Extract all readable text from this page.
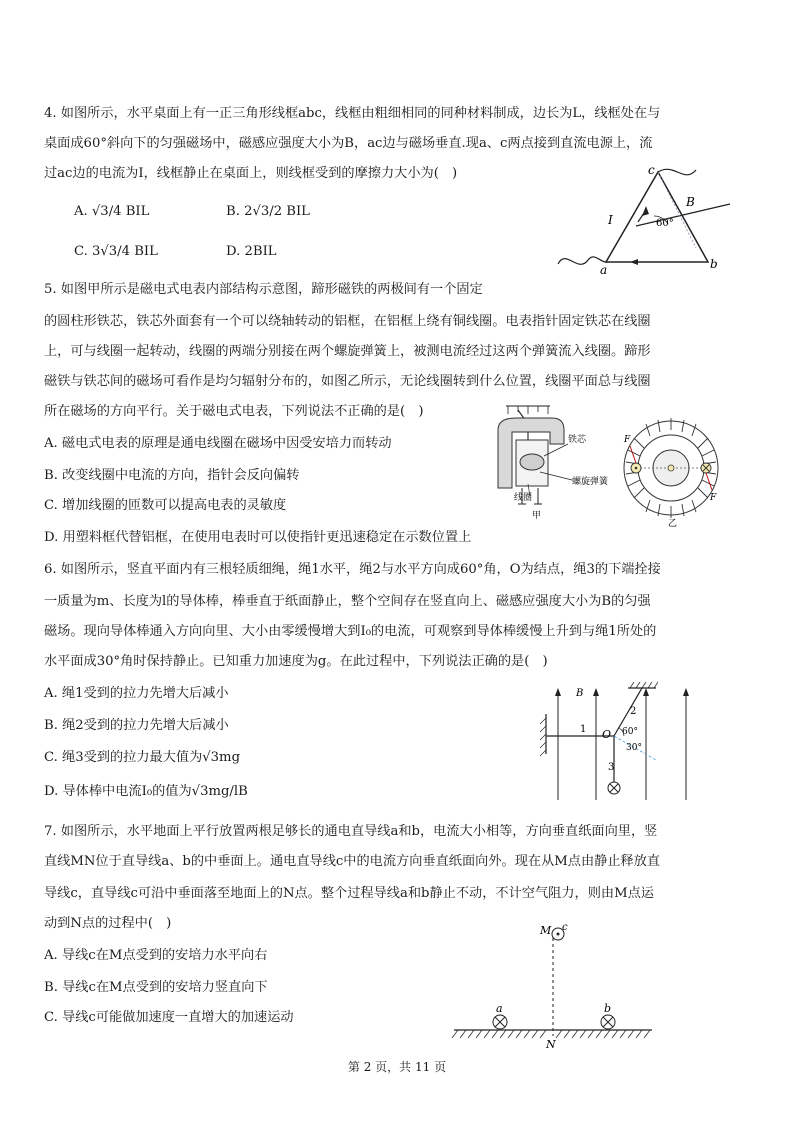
4. 如图所示，水平桌面上有一正三角形线框abc，线框由粗细相同的同种材料制成，边长为L，线框处在与
桌面成60°斜向下的匀强磁场中，磁感应强度大小为B，ac边与磁场垂直.现a、c两点接到直流电源上，流
过ac边的电流为I，线框静止在桌面上，则线框受到的摩擦力大小为(　)
A. √3/4 BIL	B. 2√3/2 BIL
C. 3√3/4 BIL	D. 2BIL
c
a	b
B
I	60°
5. 如图甲所示是磁电式电表内部结构示意图，蹄形磁铁的两极间有一个固定
的圆柱形铁芯，铁芯外面套有一个可以绕轴转动的铝框，在铝框上绕有铜线圈。电表指针固定铁芯在线圈
上，可与线圈一起转动，线圈的两端分别接在两个螺旋弹簧上，被测电流经过这两个弹簧流入线圈。蹄形
磁铁与铁芯间的磁场可看作是均匀辐射分布的，如图乙所示，无论线圈转到什么位置，线圈平面总与线圈
所在磁场的方向平行。关于磁电式电表，下列说法不正确的是(　)
A. 磁电式电表的原理是通电线圈在磁场中因受安培力而转动
B. 改变线圈中电流的方向，指针会反向偏转
C. 增加线圈的匝数可以提高电表的灵敏度
D. 用塑料框代替铝框，在使用电表时可以使指针更迅速稳定在示数位置上
铁芯
螺旋弹簧
线圈
甲
F
F
乙
6. 如图所示，竖直平面内有三根轻质细绳，绳1水平，绳2与水平方向成60°角，O为结点，绳3的下端拴接
一质量为m、长度为l的导体棒，棒垂直于纸面静止，整个空间存在竖直向上、磁感应强度大小为B的匀强
磁场。现向导体棒通入方向向里、大小由零缓慢增大到I₀的电流，可观察到导体棒缓慢上升到与绳1所处的
水平面成30°角时保持静止。已知重力加速度为g。在此过程中，下列说法正确的是(　)
A. 绳1受到的拉力先增大后减小
B. 绳2受到的拉力先增大后减小
C. 绳3受到的拉力最大值为√3mg
D. 导体棒中电流I₀的值为√3mg/lB
B
1
2
3
O 60°
30°
7. 如图所示，水平地面上平行放置两根足够长的通电直导线a和b，电流大小相等，方向垂直纸面向里，竖
直线MN位于直导线a、b的中垂面上。通电直导线c中的电流方向垂直纸面向外。现在从M点由静止释放直
导线c，直导线c可沿中垂面落至地面上的N点。整个过程导线a和b静止不动，不计空气阻力，则由M点运
动到N点的过程中(　)
A. 导线c在M点受到的安培力水平向右
B. 导线c在M点受到的安培力竖直向下
C. 导线c可能做加速度一直增大的加速运动
M c
a	b
N
第 2 页，共 11 页
